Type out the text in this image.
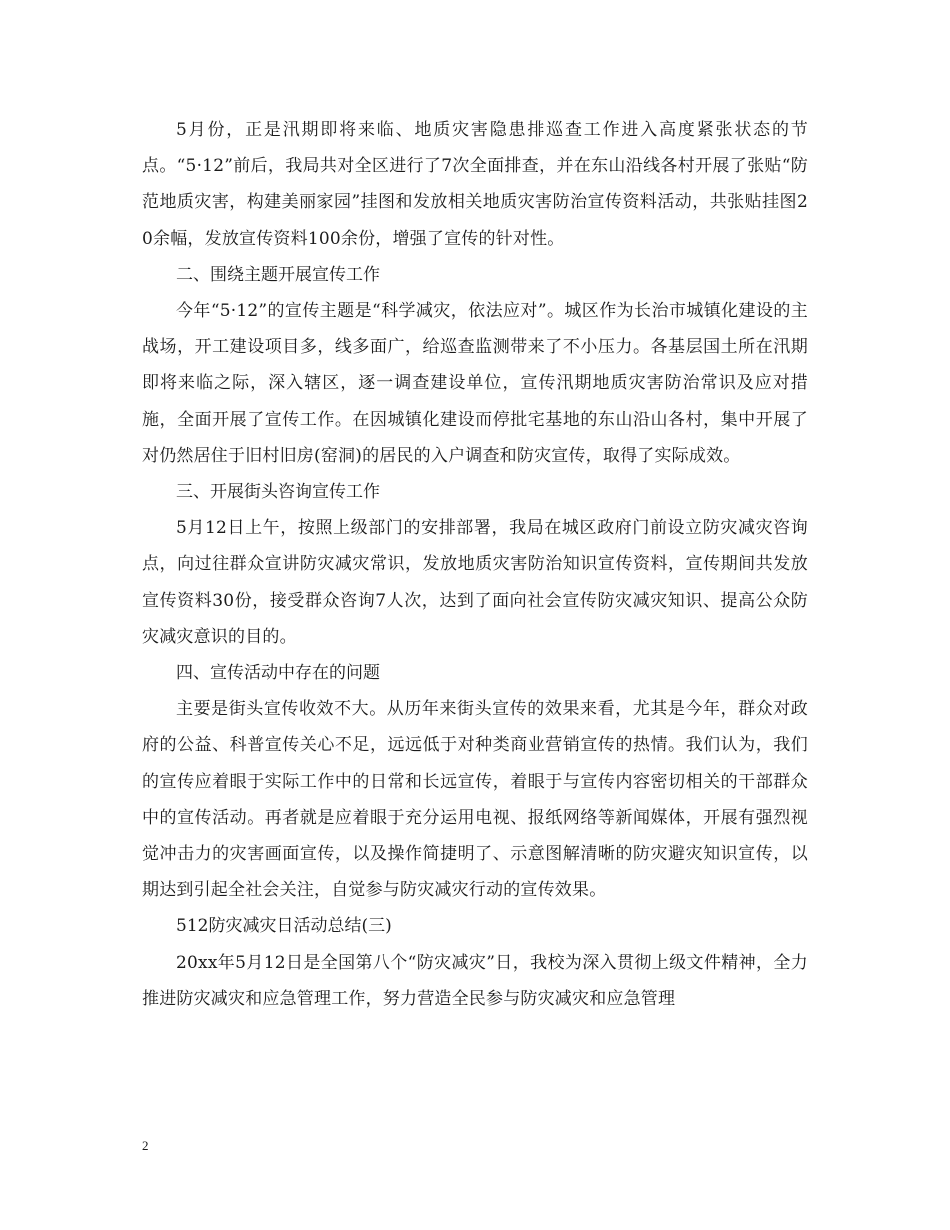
5月份，正是汛期即将来临、地质灾害隐患排巡查工作进入高度紧张状态的节点。“5·12”前后，我局共对全区进行了7次全面排查，并在东山沿线各村开展了张贴“防范地质灾害，构建美丽家园”挂图和发放相关地质灾害防治宣传资料活动，共张贴挂图20余幅，发放宣传资料100余份，增强了宣传的针对性。

二、围绕主题开展宣传工作

今年“5·12”的宣传主题是“科学减灾，依法应对”。城区作为长治市城镇化建设的主战场，开工建设项目多，线多面广，给巡查监测带来了不小压力。各基层国土所在汛期即将来临之际，深入辖区，逐一调查建设单位，宣传汛期地质灾害防治常识及应对措施，全面开展了宣传工作。在因城镇化建设而停批宅基地的东山沿山各村，集中开展了对仍然居住于旧村旧房(窑洞)的居民的入户调查和防灾宣传，取得了实际成效。

三、开展街头咨询宣传工作

5月12日上午，按照上级部门的安排部署，我局在城区政府门前设立防灾减灾咨询点，向过往群众宣讲防灾减灾常识，发放地质灾害防治知识宣传资料，宣传期间共发放宣传资料30份，接受群众咨询7人次，达到了面向社会宣传防灾减灾知识、提高公众防灾减灾意识的目的。

四、宣传活动中存在的问题

主要是街头宣传收效不大。从历年来街头宣传的效果来看，尤其是今年，群众对政府的公益、科普宣传关心不足，远远低于对种类商业营销宣传的热情。我们认为，我们的宣传应着眼于实际工作中的日常和长远宣传，着眼于与宣传内容密切相关的干部群众中的宣传活动。再者就是应着眼于充分运用电视、报纸网络等新闻媒体，开展有强烈视觉冲击力的灾害画面宣传，以及操作简捷明了、示意图解清晰的防灾避灾知识宣传，以期达到引起全社会关注，自觉参与防灾减灾行动的宣传效果。

512防灾减灾日活动总结(三)

20xx年5月12日是全国第八个“防灾减灾”日，我校为深入贯彻上级文件精神，全力推进防灾减灾和应急管理工作，努力营造全民参与防灾减灾和应急管理

2
